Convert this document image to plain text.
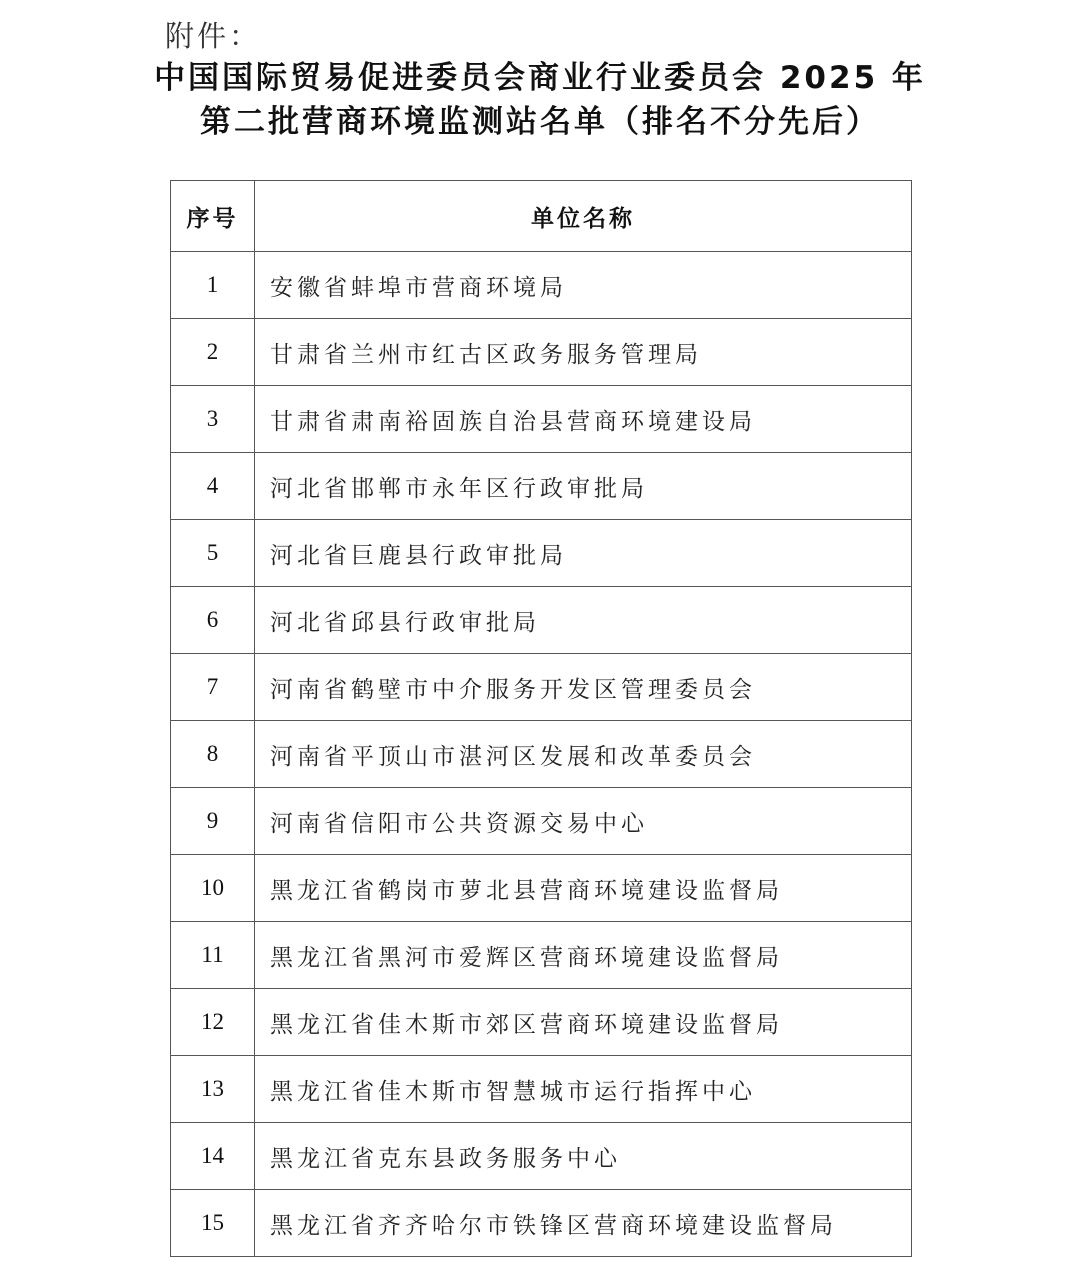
附件：
中国国际贸易促进委员会商业行业委员会 2025 年
第二批营商环境监测站名单（排名不分先后）
序号	单位名称
1	安徽省蚌埠市营商环境局
2	甘肃省兰州市红古区政务服务管理局
3	甘肃省肃南裕固族自治县营商环境建设局
4	河北省邯郸市永年区行政审批局
5	河北省巨鹿县行政审批局
6	河北省邱县行政审批局
7	河南省鹤壁市中介服务开发区管理委员会
8	河南省平顶山市湛河区发展和改革委员会
9	河南省信阳市公共资源交易中心
10	黑龙江省鹤岗市萝北县营商环境建设监督局
11	黑龙江省黑河市爱辉区营商环境建设监督局
12	黑龙江省佳木斯市郊区营商环境建设监督局
13	黑龙江省佳木斯市智慧城市运行指挥中心
14	黑龙江省克东县政务服务中心
15	黑龙江省齐齐哈尔市铁锋区营商环境建设监督局
